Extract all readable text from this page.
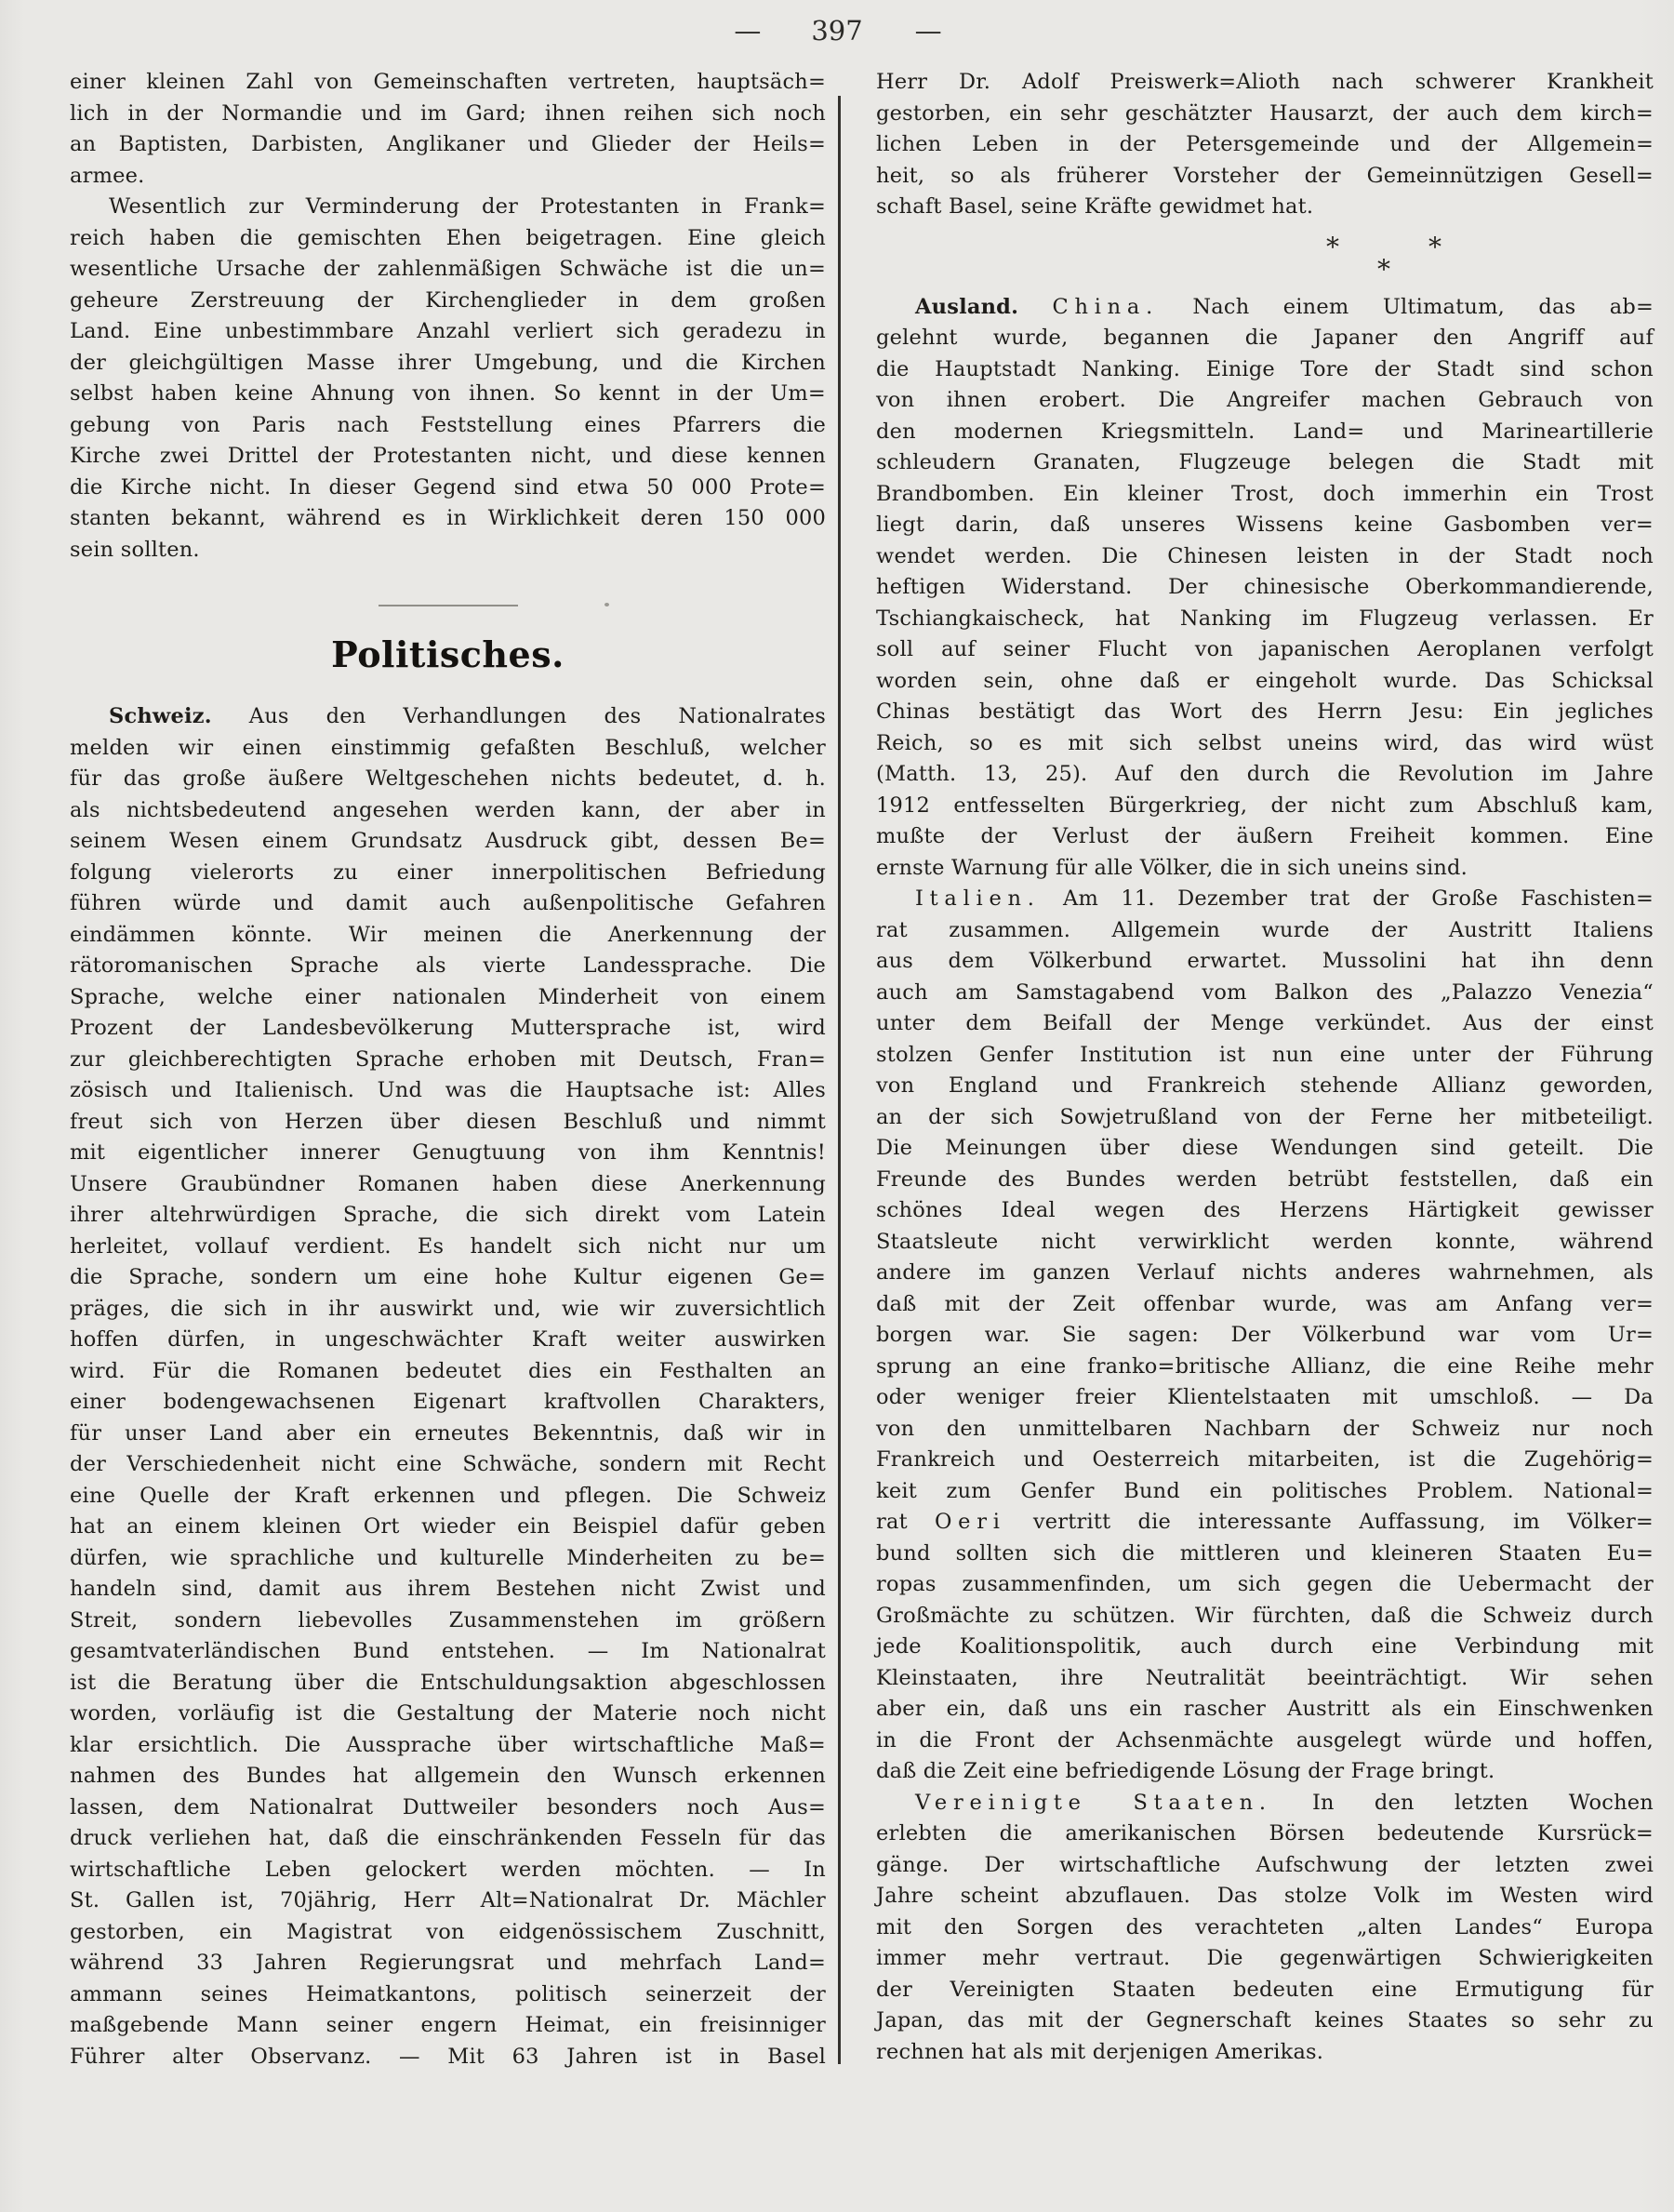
— 397 —
einer kleinen Zahl von Gemeinschaften vertreten, hauptsäch=
lich in der Normandie und im Gard; ihnen reihen sich noch
an Baptisten, Darbisten, Anglikaner und Glieder der Heils=
armee.
Wesentlich zur Verminderung der Protestanten in Frank=
reich haben die gemischten Ehen beigetragen. Eine gleich
wesentliche Ursache der zahlenmäßigen Schwäche ist die un=
geheure Zerstreuung der Kirchenglieder in dem großen
Land. Eine unbestimmbare Anzahl verliert sich geradezu in
der gleichgültigen Masse ihrer Umgebung, und die Kirchen
selbst haben keine Ahnung von ihnen. So kennt in der Um=
gebung von Paris nach Feststellung eines Pfarrers die
Kirche zwei Drittel der Protestanten nicht, und diese kennen
die Kirche nicht. In dieser Gegend sind etwa 50 000 Prote=
stanten bekannt, während es in Wirklichkeit deren 150 000
sein sollten.
Politisches.
Schweiz. Aus den Verhandlungen des Nationalrates
melden wir einen einstimmig gefaßten Beschluß, welcher
für das große äußere Weltgeschehen nichts bedeutet, d. h.
als nichtsbedeutend angesehen werden kann, der aber in
seinem Wesen einem Grundsatz Ausdruck gibt, dessen Be=
folgung vielerorts zu einer innerpolitischen Befriedung
führen würde und damit auch außenpolitische Gefahren
eindämmen könnte. Wir meinen die Anerkennung der
rätoromanischen Sprache als vierte Landessprache. Die
Sprache, welche einer nationalen Minderheit von einem
Prozent der Landesbevölkerung Muttersprache ist, wird
zur gleichberechtigten Sprache erhoben mit Deutsch, Fran=
zösisch und Italienisch. Und was die Hauptsache ist: Alles
freut sich von Herzen über diesen Beschluß und nimmt
mit eigentlicher innerer Genugtuung von ihm Kenntnis!
Unsere Graubündner Romanen haben diese Anerkennung
ihrer altehrwürdigen Sprache, die sich direkt vom Latein
herleitet, vollauf verdient. Es handelt sich nicht nur um
die Sprache, sondern um eine hohe Kultur eigenen Ge=
präges, die sich in ihr auswirkt und, wie wir zuversichtlich
hoffen dürfen, in ungeschwächter Kraft weiter auswirken
wird. Für die Romanen bedeutet dies ein Festhalten an
einer bodengewachsenen Eigenart kraftvollen Charakters,
für unser Land aber ein erneutes Bekenntnis, daß wir in
der Verschiedenheit nicht eine Schwäche, sondern mit Recht
eine Quelle der Kraft erkennen und pflegen. Die Schweiz
hat an einem kleinen Ort wieder ein Beispiel dafür geben
dürfen, wie sprachliche und kulturelle Minderheiten zu be=
handeln sind, damit aus ihrem Bestehen nicht Zwist und
Streit, sondern liebevolles Zusammenstehen im größern
gesamtvaterländischen Bund entstehen. — Im Nationalrat
ist die Beratung über die Entschuldungsaktion abgeschlossen
worden, vorläufig ist die Gestaltung der Materie noch nicht
klar ersichtlich. Die Aussprache über wirtschaftliche Maß=
nahmen des Bundes hat allgemein den Wunsch erkennen
lassen, dem Nationalrat Duttweiler besonders noch Aus=
druck verliehen hat, daß die einschränkenden Fesseln für das
wirtschaftliche Leben gelockert werden möchten. — In
St. Gallen ist, 70jährig, Herr Alt=Nationalrat Dr. Mächler
gestorben, ein Magistrat von eidgenössischem Zuschnitt,
während 33 Jahren Regierungsrat und mehrfach Land=
ammann seines Heimatkantons, politisch seinerzeit der
maßgebende Mann seiner engern Heimat, ein freisinniger
Führer alter Observanz. — Mit 63 Jahren ist in Basel
Herr Dr. Adolf Preiswerk=Alioth nach schwerer Krankheit
gestorben, ein sehr geschätzter Hausarzt, der auch dem kirch=
lichen Leben in der Petersgemeinde und der Allgemein=
heit, so als früherer Vorsteher der Gemeinnützigen Gesell=
schaft Basel, seine Kräfte gewidmet hat.
*	*
*
Ausland. China. Nach einem Ultimatum, das ab=
gelehnt wurde, begannen die Japaner den Angriff auf
die Hauptstadt Nanking. Einige Tore der Stadt sind schon
von ihnen erobert. Die Angreifer machen Gebrauch von
den modernen Kriegsmitteln. Land= und Marineartillerie
schleudern Granaten, Flugzeuge belegen die Stadt mit
Brandbomben. Ein kleiner Trost, doch immerhin ein Trost
liegt darin, daß unseres Wissens keine Gasbomben ver=
wendet werden. Die Chinesen leisten in der Stadt noch
heftigen Widerstand. Der chinesische Oberkommandierende,
Tschiangkaischeck, hat Nanking im Flugzeug verlassen. Er
soll auf seiner Flucht von japanischen Aeroplanen verfolgt
worden sein, ohne daß er eingeholt wurde. Das Schicksal
Chinas bestätigt das Wort des Herrn Jesu: Ein jegliches
Reich, so es mit sich selbst uneins wird, das wird wüst
(Matth. 13, 25). Auf den durch die Revolution im Jahre
1912 entfesselten Bürgerkrieg, der nicht zum Abschluß kam,
mußte der Verlust der äußern Freiheit kommen. Eine
ernste Warnung für alle Völker, die in sich uneins sind.
Italien. Am 11. Dezember trat der Große Faschisten=
rat zusammen. Allgemein wurde der Austritt Italiens
aus dem Völkerbund erwartet. Mussolini hat ihn denn
auch am Samstagabend vom Balkon des „Palazzo Venezia“
unter dem Beifall der Menge verkündet. Aus der einst
stolzen Genfer Institution ist nun eine unter der Führung
von England und Frankreich stehende Allianz geworden,
an der sich Sowjetrußland von der Ferne her mitbeteiligt.
Die Meinungen über diese Wendungen sind geteilt. Die
Freunde des Bundes werden betrübt feststellen, daß ein
schönes Ideal wegen des Herzens Härtigkeit gewisser
Staatsleute nicht verwirklicht werden konnte, während
andere im ganzen Verlauf nichts anderes wahrnehmen, als
daß mit der Zeit offenbar wurde, was am Anfang ver=
borgen war. Sie sagen: Der Völkerbund war vom Ur=
sprung an eine franko=britische Allianz, die eine Reihe mehr
oder weniger freier Klientelstaaten mit umschloß. — Da
von den unmittelbaren Nachbarn der Schweiz nur noch
Frankreich und Oesterreich mitarbeiten, ist die Zugehörig=
keit zum Genfer Bund ein politisches Problem. National=
rat Oeri vertritt die interessante Auffassung, im Völker=
bund sollten sich die mittleren und kleineren Staaten Eu=
ropas zusammenfinden, um sich gegen die Uebermacht der
Großmächte zu schützen. Wir fürchten, daß die Schweiz durch
jede Koalitionspolitik, auch durch eine Verbindung mit
Kleinstaaten, ihre Neutralität beeinträchtigt. Wir sehen
aber ein, daß uns ein rascher Austritt als ein Einschwenken
in die Front der Achsenmächte ausgelegt würde und hoffen,
daß die Zeit eine befriedigende Lösung der Frage bringt.
Vereinigte Staaten. In den letzten Wochen
erlebten die amerikanischen Börsen bedeutende Kursrück=
gänge. Der wirtschaftliche Aufschwung der letzten zwei
Jahre scheint abzuflauen. Das stolze Volk im Westen wird
mit den Sorgen des verachteten „alten Landes“ Europa
immer mehr vertraut. Die gegenwärtigen Schwierigkeiten
der Vereinigten Staaten bedeuten eine Ermutigung für
Japan, das mit der Gegnerschaft keines Staates so sehr zu
rechnen hat als mit derjenigen Amerikas.
